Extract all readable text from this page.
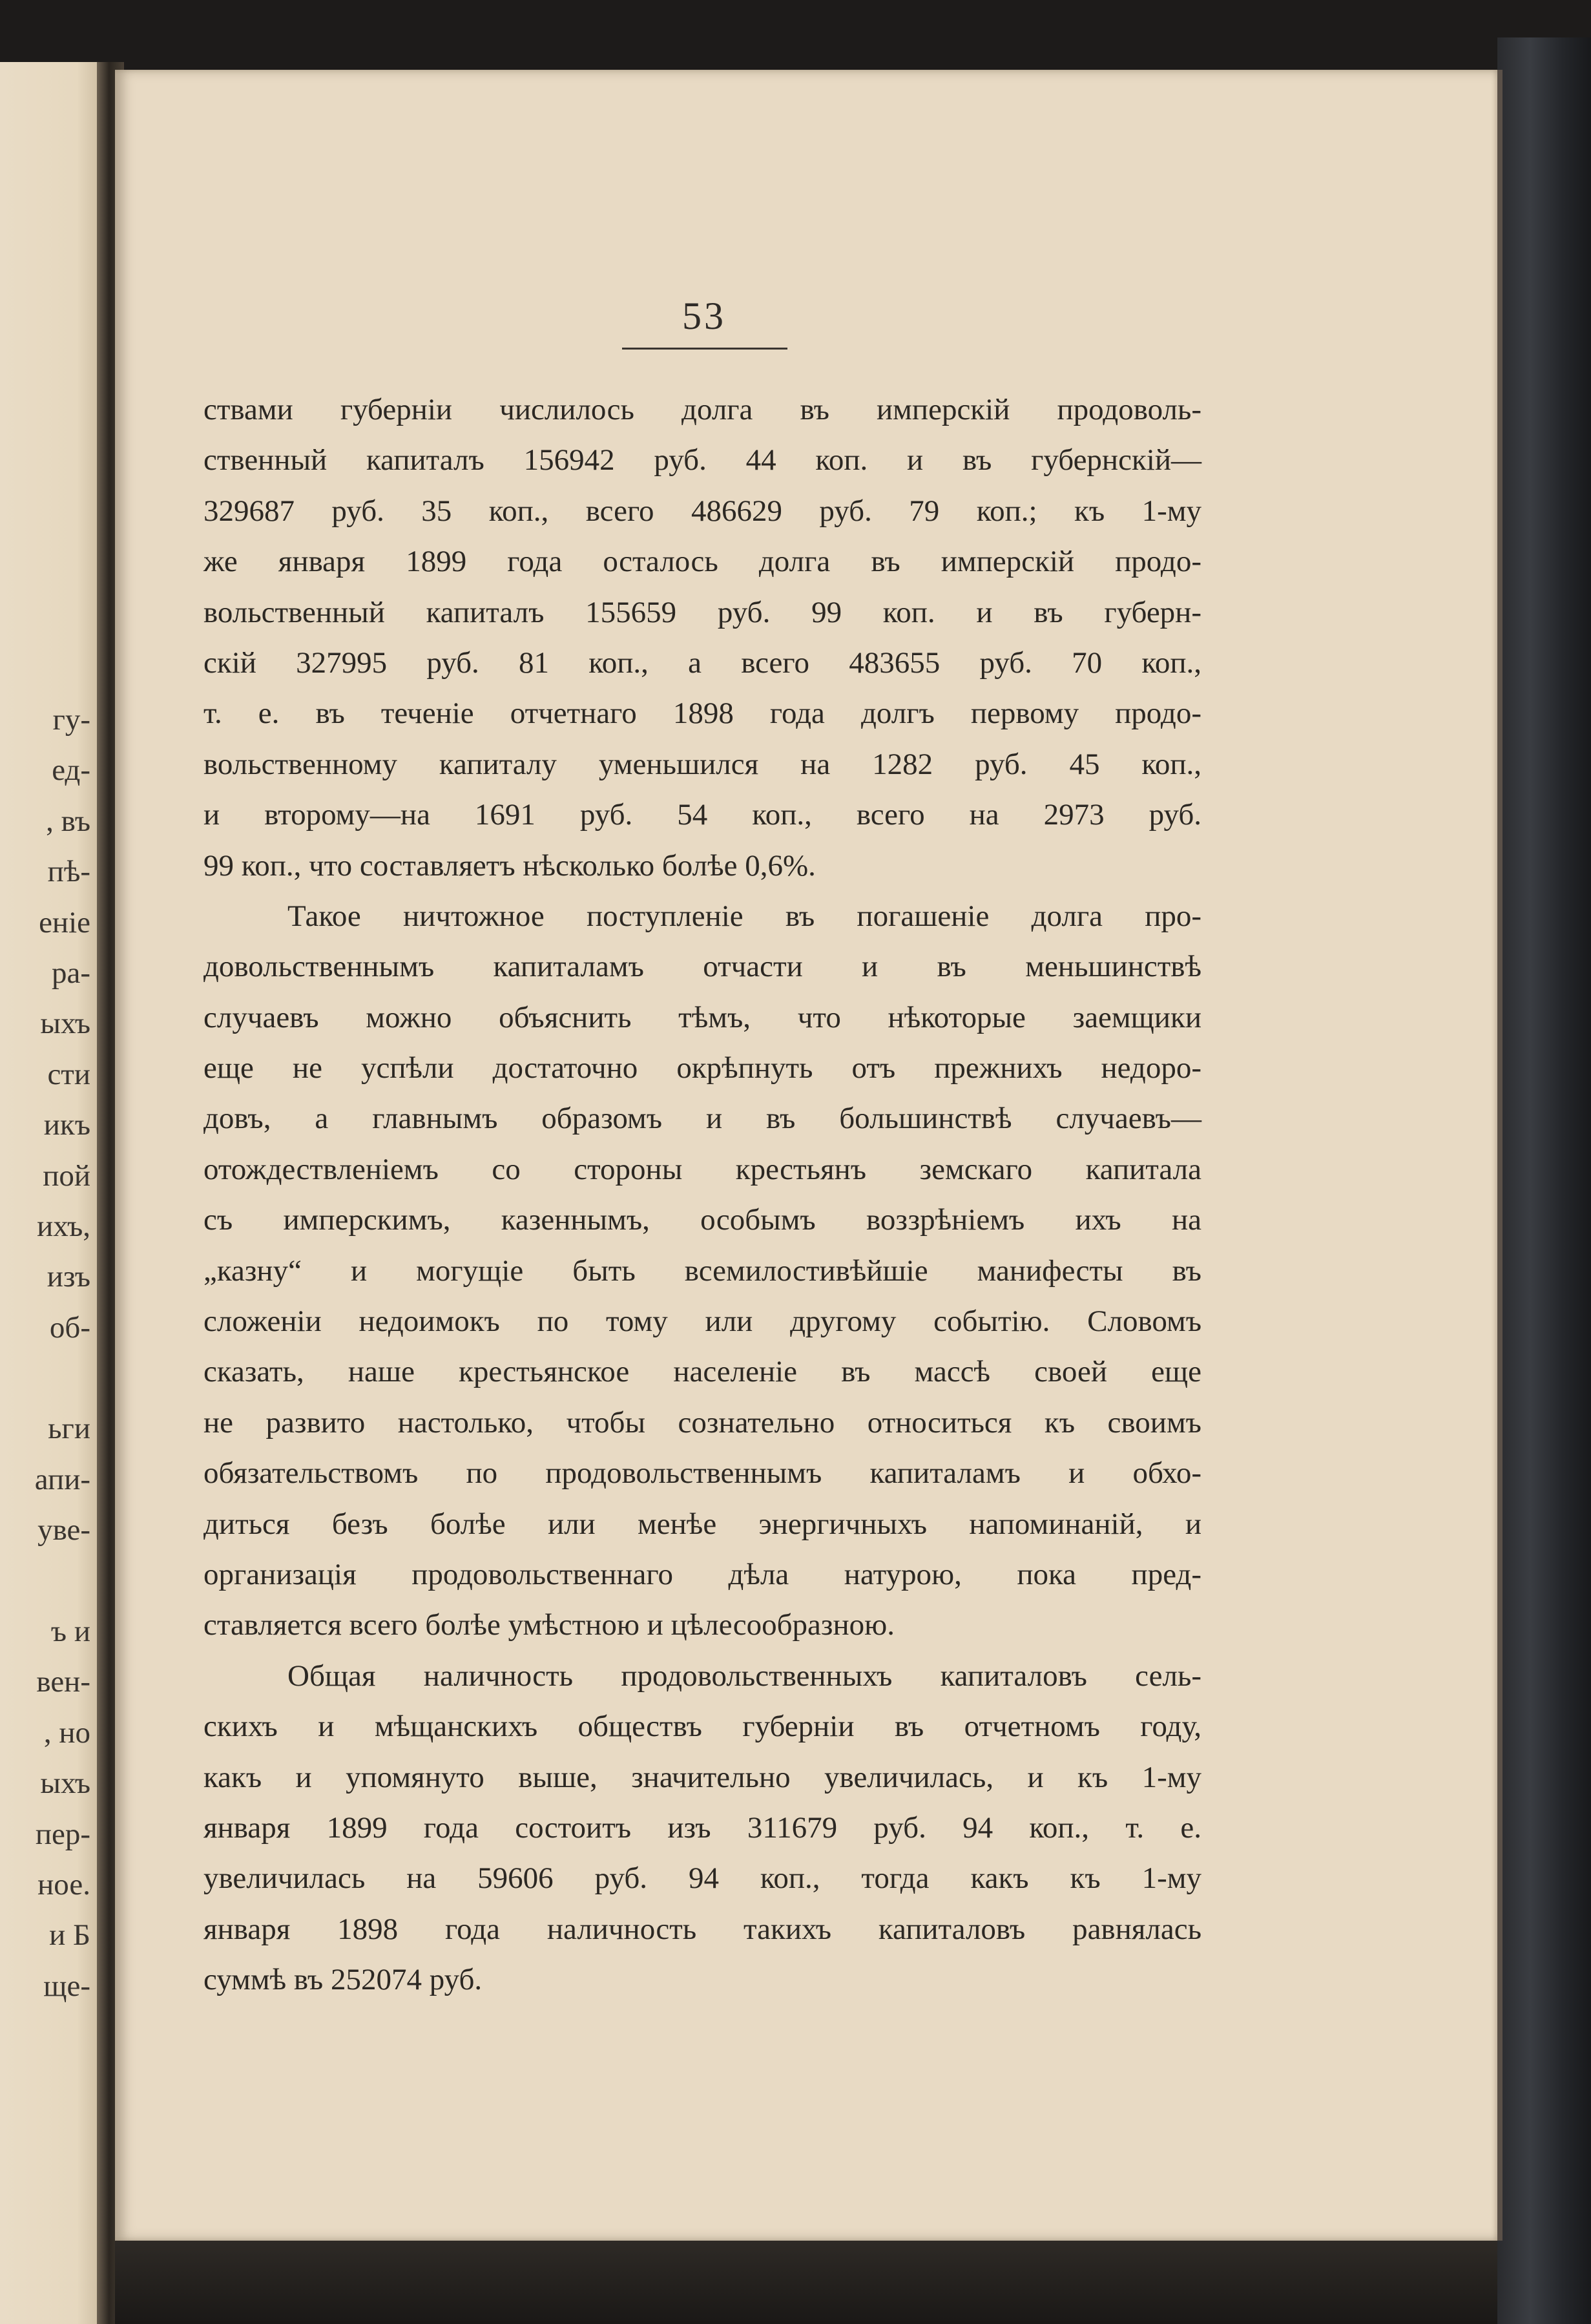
гу-
ед-
, въ
пѣ-
еніе
ра-
ыхъ
сти
икъ
пой
ихъ,
изъ
об-
ьги
апи-
уве-
ъ и
вен-
, но
ыхъ
пер-
ное.
и Б
ще-
53
ствами губерніи числилось долга въ имперскій продоволь-
ственный капиталъ 156942 руб. 44 коп. и въ губернскій—
329687 руб. 35 коп., всего 486629 руб. 79 коп.; къ 1-му
же января 1899 года осталось долга въ имперскій продо-
вольственный капиталъ 155659 руб. 99 коп. и въ губерн-
скій 327995 руб. 81 коп., а всего 483655 руб. 70 коп.,
т. е. въ теченіе отчетнаго 1898 года долгъ первому продо-
вольственному капиталу уменьшился на 1282 руб. 45 коп.,
и второму—на 1691 руб. 54 коп., всего на 2973 руб.
99 коп., что составляетъ нѣсколько болѣе 0,6%.
Такое ничтожное поступленіе въ погашеніе долга про-
довольственнымъ капиталамъ отчасти и въ меньшинствѣ
случаевъ можно объяснить тѣмъ, что нѣкоторые заемщики
еще не успѣли достаточно окрѣпнуть отъ прежнихъ недоро-
довъ, а главнымъ образомъ и въ большинствѣ случаевъ—
отождествленіемъ со стороны крестьянъ земскаго капитала
съ имперскимъ, казеннымъ, особымъ воззрѣніемъ ихъ на
„казну“ и могущіе быть всемилостивѣйшіе манифесты въ
сложеніи недоимокъ по тому или другому событію. Словомъ
сказать, наше крестьянское населеніе въ массѣ своей еще
не развито настолько, чтобы сознательно относиться къ своимъ
обязательствомъ по продовольственнымъ капиталамъ и обхо-
диться безъ болѣе или менѣе энергичныхъ напоминаній, и
организація продовольственнаго дѣла натурою, пока пред-
ставляется всего болѣе умѣстною и цѣлесообразною.
Общая наличность продовольственныхъ капиталовъ сель-
скихъ и мѣщанскихъ обществъ губерніи въ отчетномъ году,
какъ и упомянуто выше, значительно увеличилась, и къ 1-му
января 1899 года состоитъ изъ 311679 руб. 94 коп., т. е.
увеличилась на 59606 руб. 94 коп., тогда какъ къ 1-му
января 1898 года наличность такихъ капиталовъ равнялась
суммѣ въ 252074 руб.
